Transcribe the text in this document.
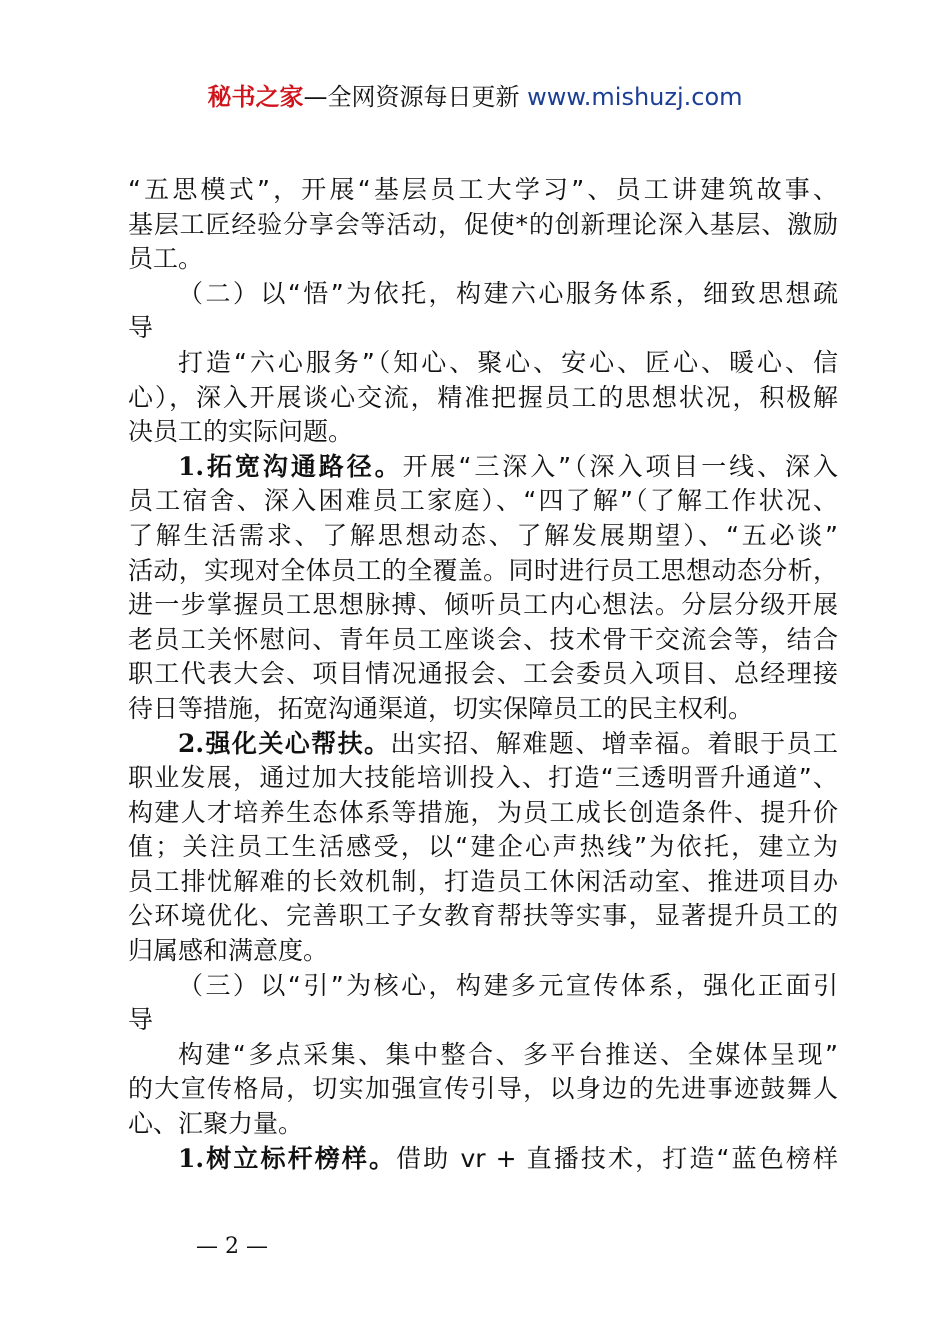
秘书之家—全网资源每日更新 www.mishuzj.com
“五思模式”，开展“基层员工大学习”、员工讲建筑故事、
基层工匠经验分享会等活动，促使*的创新理论深入基层、激励
员工。
（二）以“悟”为依托，构建六心服务体系，细致思想疏
导
打造“六心服务”（知心、聚心、安心、匠心、暖心、信
心），深入开展谈心交流，精准把握员工的思想状况，积极解
决员工的实际问题。
1.拓宽沟通路径。开展“三深入”（深入项目一线、深入
员工宿舍、深入困难员工家庭）、“四了解”（了解工作状况、
了解生活需求、了解思想动态、了解发展期望）、“五必谈”
活动，实现对全体员工的全覆盖。同时进行员工思想动态分析，
进一步掌握员工思想脉搏、倾听员工内心想法。分层分级开展
老员工关怀慰问、青年员工座谈会、技术骨干交流会等，结合
职工代表大会、项目情况通报会、工会委员入项目、总经理接
待日等措施，拓宽沟通渠道，切实保障员工的民主权利。
2.强化关心帮扶。出实招、解难题、增幸福。着眼于员工
职业发展，通过加大技能培训投入、打造“三透明晋升通道”、
构建人才培养生态体系等措施，为员工成长创造条件、提升价
值；关注员工生活感受，以“建企心声热线”为依托，建立为
员工排忧解难的长效机制，打造员工休闲活动室、推进项目办
公环境优化、完善职工子女教育帮扶等实事，显著提升员工的
归属感和满意度。
（三）以“引”为核心，构建多元宣传体系，强化正面引
导
构建“多点采集、集中整合、多平台推送、全媒体呈现”
的大宣传格局，切实加强宣传引导，以身边的先进事迹鼓舞人
心、汇聚力量。
1.树立标杆榜样。借助 vr + 直播技术，打造“蓝色榜样
— 2 —
